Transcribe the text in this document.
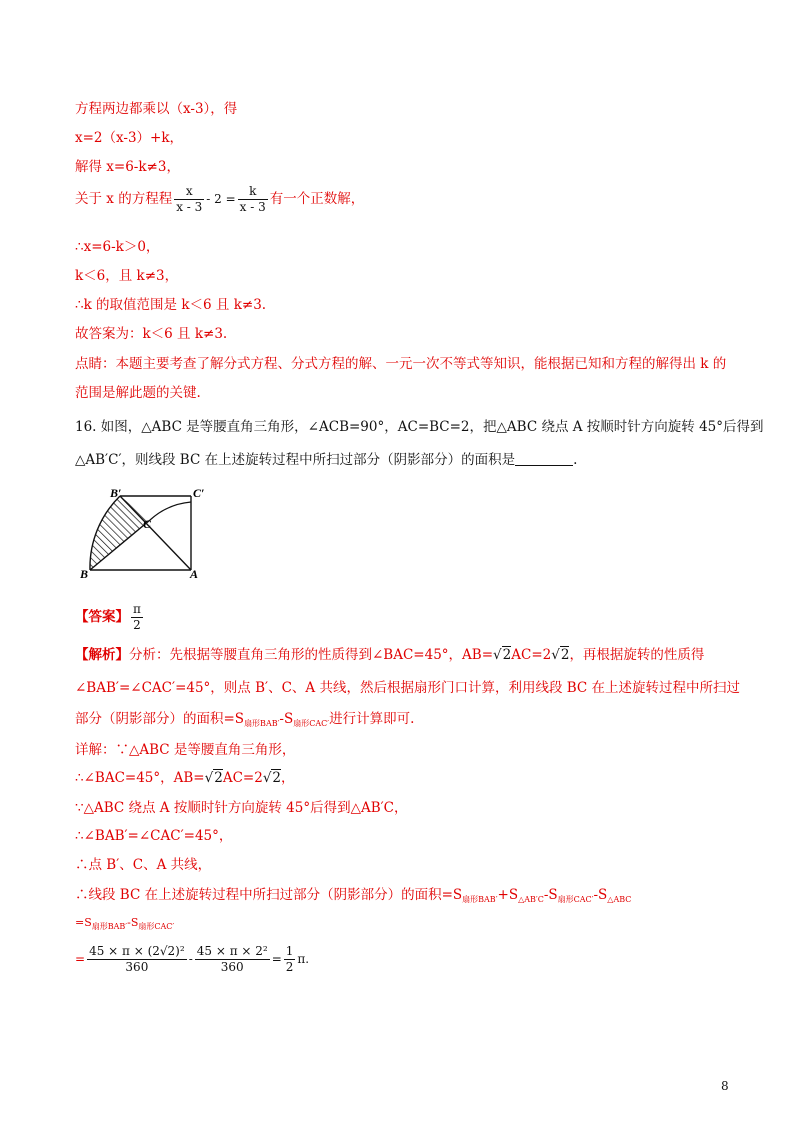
方程两边都乘以（x-3），得
x=2（x-3）+k，
解得 x=6-k≠3，
关于 x 的方程程 $\frac{x}{x - 3} - 2 = \frac{k}{x - 3}$ 有一个正数解，
∴x=6-k＞0，
k＜6，且 k≠3，
∴k 的取值范围是 k＜6 且 k≠3.
故答案为：k＜6 且 k≠3.
点睛：本题主要考查了解分式方程、分式方程的解、一元一次不等式等知识，能根据已知和方程的解得出 k 的
范围是解此题的关键.
16. 如图，△ABC 是等腰直角三角形，∠ACB=90°，AC=BC=2，把△ABC 绕点 A 按顺时针方向旋转 45°后得到
△AB′C′，则线段 BC 在上述旋转过程中所扫过部分（阴影部分）的面积是	.
B′	C′
C
B	A
【答案】 $\frac{\pi}{2}$
【解析】分析：先根据等腰直角三角形的性质得到∠BAC=45°，AB=√2AC=2√2，再根据旋转的性质得
∠BAB′=∠CAC′=45°，则点 B′、C、A 共线，然后根据扇形门口计算，利用线段 BC 在上述旋转过程中所扫过
部分（阴影部分）的面积$=S_{扇形BAB'}-S_{扇形CAC'}$进行计算即可.
详解：∵△ABC 是等腰直角三角形，
∴∠BAC=45°，AB=√2AC=2√2，
∵△ABC 绕点 A 按顺时针方向旋转 45°后得到△AB′C，
∴∠BAB′=∠CAC′=45°，
∴点 B′、C、A 共线，
∴线段 BC 在上述旋转过程中所扫过部分（阴影部分）的面积$=S_{扇形BAB'}+S_{\triangle AB'C}-S_{扇形CAC'}-S_{\triangle ABC}$
$=S_{扇形BAB'}-S_{扇形CAC'}$
= $\frac{\text{45 × π × (2√2)²}}{360} - \frac{\text{45 × π × 2²}}{360} = \frac{1}{2} \pi$.
8
